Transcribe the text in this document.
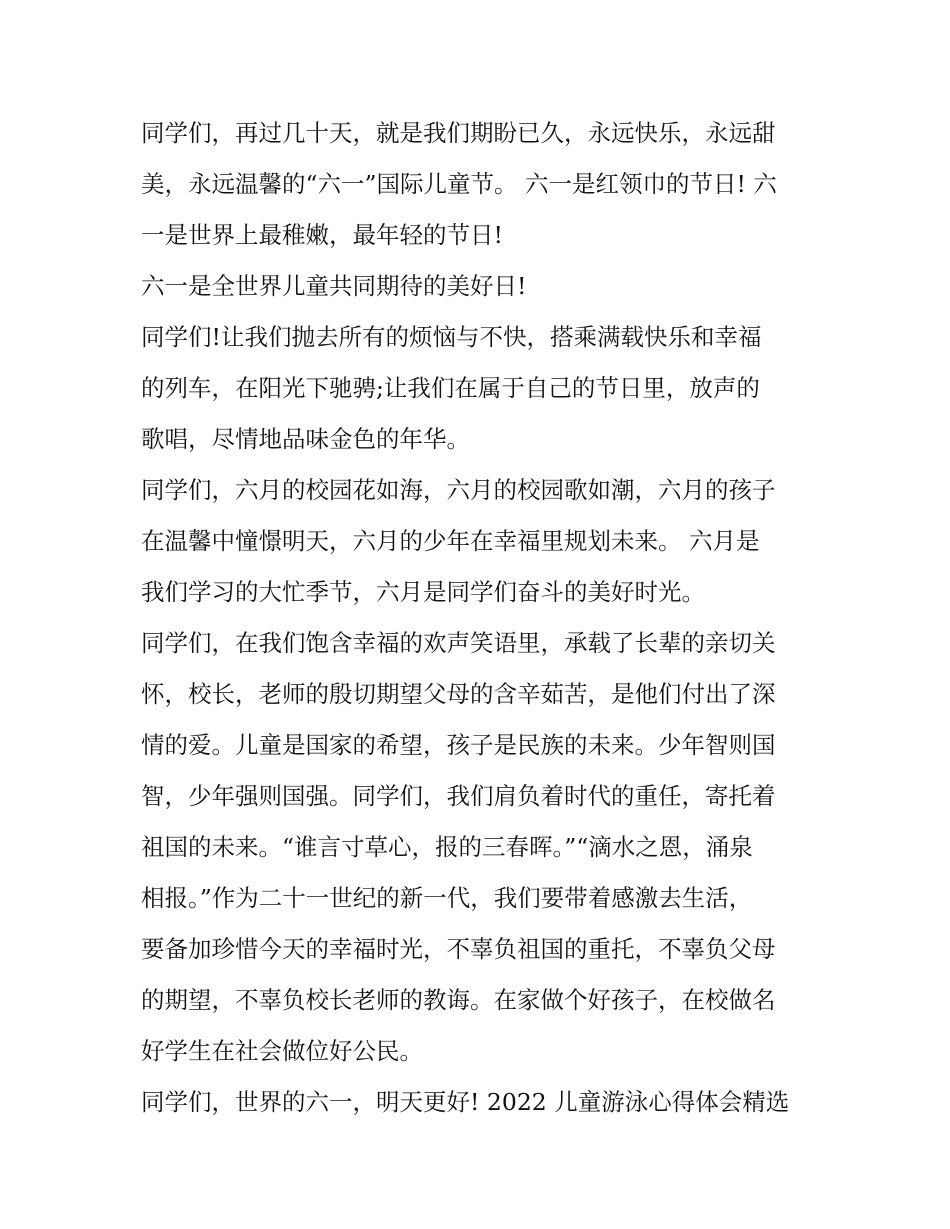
同学们，再过几十天，就是我们期盼已久，永远快乐，永远甜
美，永远温馨的“六一”国际儿童节。 六一是红领巾的节日! 六
一是世界上最稚嫩，最年轻的节日!
六一是全世界儿童共同期待的美好日!
同学们!让我们抛去所有的烦恼与不快，搭乘满载快乐和幸福
的列车，在阳光下驰骋;让我们在属于自己的节日里，放声的
歌唱，尽情地品味金色的年华。
同学们，六月的校园花如海，六月的校园歌如潮，六月的孩子
在温馨中憧憬明天，六月的少年在幸福里规划未来。 六月是
我们学习的大忙季节，六月是同学们奋斗的美好时光。
同学们，在我们饱含幸福的欢声笑语里，承载了长辈的亲切关
怀，校长，老师的殷切期望父母的含辛茹苦，是他们付出了深
情的爱。儿童是国家的希望，孩子是民族的未来。少年智则国
智，少年强则国强。同学们，我们肩负着时代的重任，寄托着
祖国的未来。“谁言寸草心，报的三春晖。”“滴水之恩，涌泉
相报。”作为二十一世纪的新一代，我们要带着感激去生活，
要备加珍惜今天的幸福时光，不辜负祖国的重托，不辜负父母
的期望，不辜负校长老师的教诲。在家做个好孩子，在校做名
好学生在社会做位好公民。
同学们，世界的六一，明天更好! 2022 儿童游泳心得体会精选
